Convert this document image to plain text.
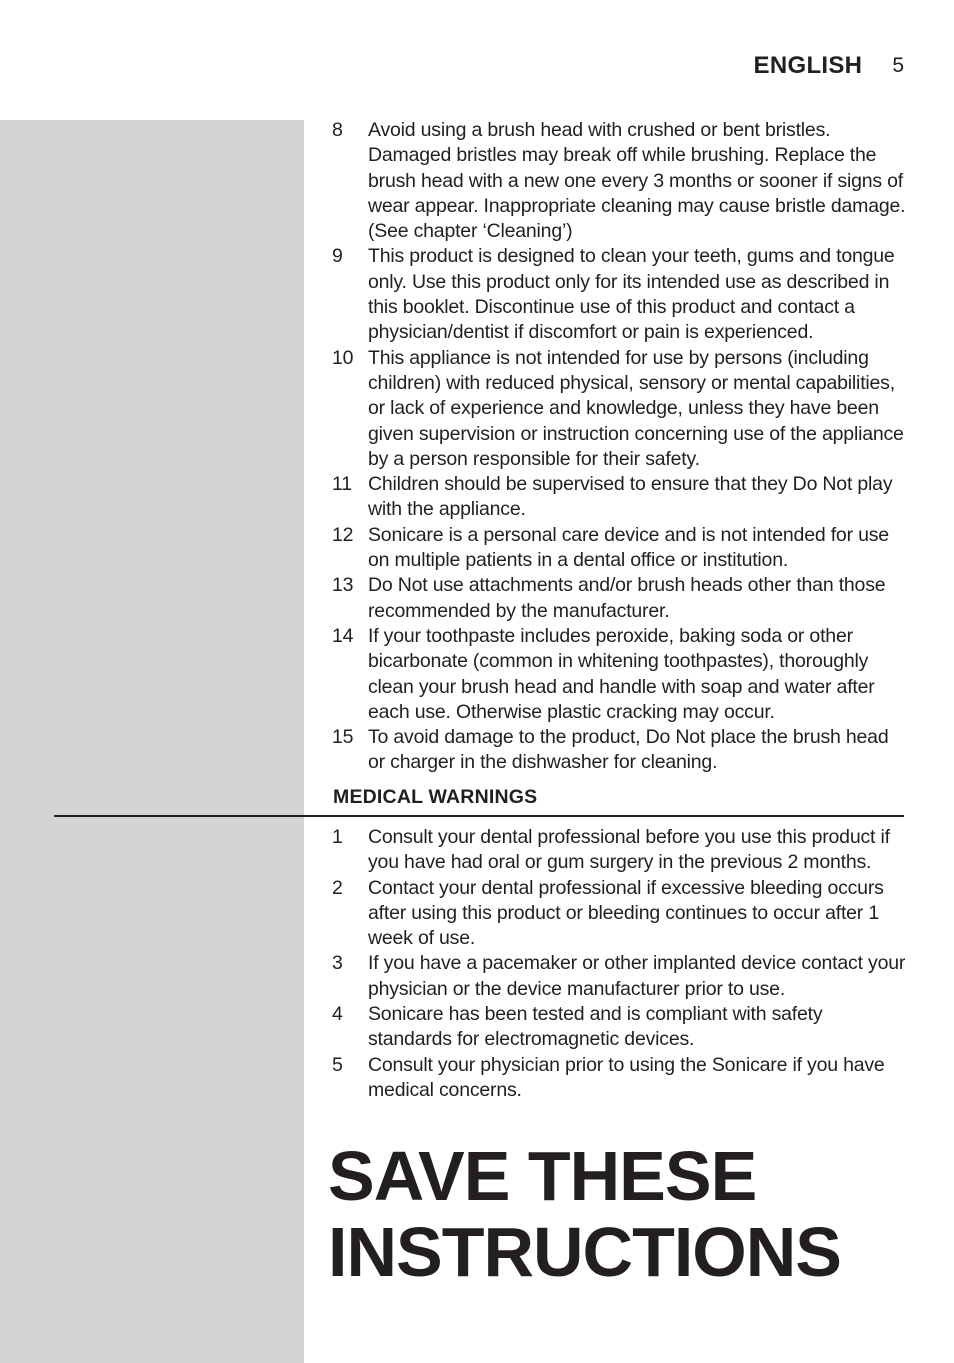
ENGLISH 5
8	Avoid using a brush head with crushed or bent bristles. Damaged bristles may break off while brushing. Replace the brush head with a new one every 3 months or sooner if signs of wear appear. Inappropriate cleaning may cause bristle damage. (See chapter ‘Cleaning’)
9	This product is designed to clean your teeth, gums and tongue only. Use this product only for its intended use as described in this booklet. Discontinue use of this product and contact a physician/dentist if discomfort or pain is experienced.
10 This appliance is not intended for use by persons (including children) with reduced physical, sensory or mental capabilities, or lack of experience and knowledge, unless they have been given supervision or instruction concerning use of the appliance by a person responsible for their safety.
11 Children should be supervised to ensure that they Do Not play with the appliance.
12 Sonicare is a personal care device and is not intended for use on multiple patients in a dental office or institution.
13 Do Not use attachments and/or brush heads other than those recommended by the manufacturer.
14 If your toothpaste includes peroxide, baking soda or other bicarbonate (common in whitening toothpastes), thoroughly clean your brush head and handle with soap and water after each use. Otherwise plastic cracking may occur.
15 To avoid damage to the product, Do Not place the brush head or charger in the dishwasher for cleaning.
MEDICAL WARNINGS
1	Consult your dental professional before you use this product if you have had oral or gum surgery in the previous 2 months.
2	Contact your dental professional if excessive bleeding occurs after using this product or bleeding continues to occur after 1 week of use.
3	If you have a pacemaker or other implanted device contact your physician or the device manufacturer prior to use.
4	Sonicare has been tested and is compliant with safety standards for electromagnetic devices.
5	Consult your physician prior to using the Sonicare if you have medical concerns.
SAVE THESE
INSTRUCTIONS
